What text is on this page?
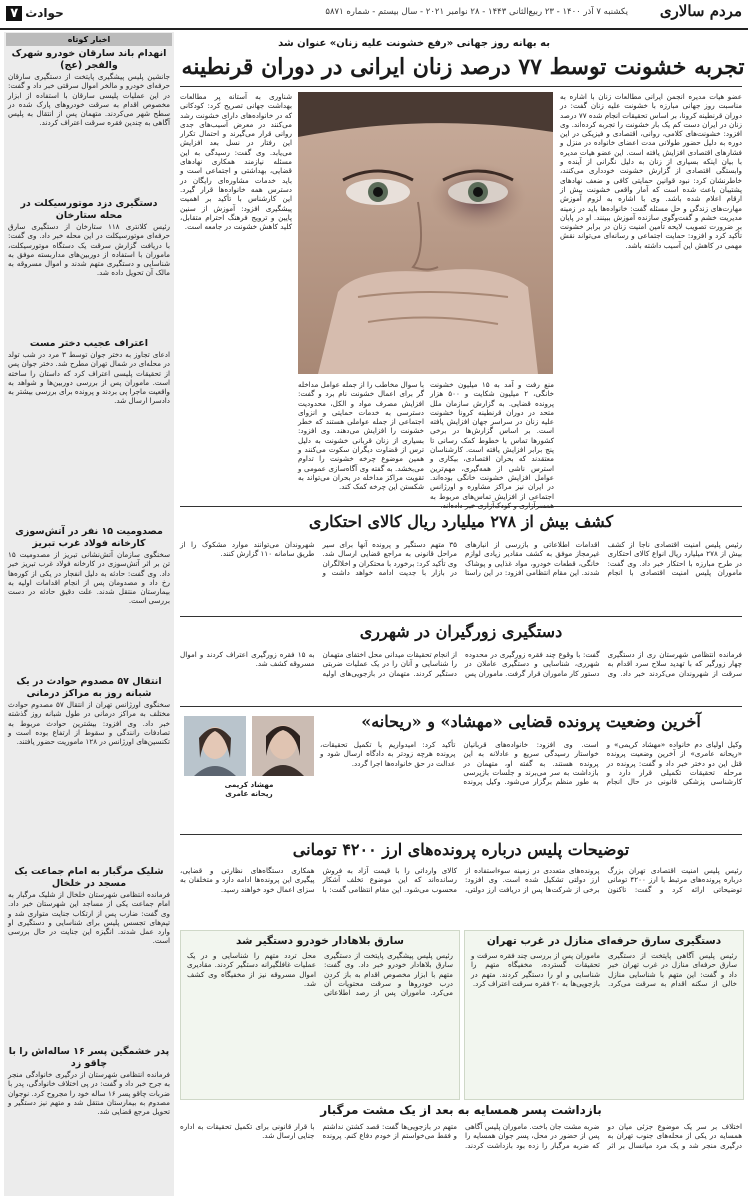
مردم سالاری
یکشنبه ۷ آذر ۱۴۰۰ - ۲۳ ربیع‌الثانی ۱۴۴۳ - ۲۸ نوامبر ۲۰۲۱ - سال بیستم - شماره ۵۸۷۱
حوادث
۷
به بهانه روز جهانی «رفع خشونت علیه زنان» عنوان شد
تجربه خشونت توسط ۷۷ درصد زنان ایرانی در دوران قرنطینه

عضو هیات مدیره انجمن ایرانی مطالعات زنان با اشاره به مناسبت روز جهانی مبارزه با خشونت علیه زنان گفت: در دوران قرنطینه کرونا، بر اساس تحقیقات انجام شده ۷۷ درصد زنان در ایران دست کم یک بار خشونت را تجربه کرده‌اند. وی افزود: خشونت‌های کلامی، روانی، اقتصادی و فیزیکی در این دوره به دلیل حضور طولانی مدت اعضای خانواده در منزل و فشارهای اقتصادی افزایش یافته است. این عضو هیات مدیره با بیان اینکه بسیاری از زنان به دلیل نگرانی از آینده و وابستگی اقتصادی از گزارش خشونت خودداری می‌کنند، خاطرنشان کرد: نبود قوانین حمایتی کافی و ضعف نهادهای پشتیبان باعث شده است که آمار واقعی خشونت بیش از ارقام اعلام شده باشد. وی با اشاره به لزوم آموزش مهارت‌های زندگی و حل مسئله گفت: خانواده‌ها باید در زمینه مدیریت خشم و گفت‌وگوی سازنده آموزش ببینند. او در پایان بر ضرورت تصویب لایحه تأمین امنیت زنان در برابر خشونت تأکید کرد و افزود: حمایت اجتماعی و رسانه‌ای می‌تواند نقش مهمی در کاهش این آسیب داشته باشد.

شناوری به آستانه پر مطالعات بهداشت جهانی تصریح کرد: کودکانی که در خانواده‌های دارای خشونت رشد می‌کنند در معرض آسیب‌های جدی روانی قرار می‌گیرند و احتمال تکرار این رفتار در نسل بعد افزایش می‌یابد. وی گفت: رسیدگی به این مسئله نیازمند همکاری نهادهای قضایی، بهداشتی و اجتماعی است و باید خدمات مشاوره‌ای رایگان در دسترس همه خانواده‌ها قرار گیرد. این کارشناس با تأکید بر اهمیت پیشگیری افزود: آموزش از سنین پایین و ترویج فرهنگ احترام متقابل، کلید کاهش خشونت در جامعه است.

منع رفت و آمد به ۱۵ میلیون خشونت خانگی، ۲ میلیون شکایت و ۵۰۰ هزار پرونده قضایی. به گزارش سازمان ملل متحد در دوران قرنطینه کرونا خشونت علیه زنان در سراسر جهان افزایش یافته است. بر اساس گزارش‌ها در برخی کشورها تماس با خطوط کمک رسانی تا پنج برابر افزایش یافته است. کارشناسان معتقدند که بحران اقتصادی، بیکاری و استرس ناشی از همه‌گیری، مهم‌ترین عوامل افزایش خشونت خانگی بوده‌اند. در ایران نیز مراکز مشاوره و اورژانس اجتماعی از افزایش تماس‌های مربوط به

با سوال مخاطب را از جمله عوامل مداخله گر برای اعمال خشونت نام برد و گفت: افزایش مصرف مواد و الکل، محدودیت دسترسی به خدمات حمایتی و انزوای اجتماعی از جمله عواملی هستند که خطر خشونت را افزایش می‌دهند. وی افزود: بسیاری از زنان قربانی خشونت به دلیل ترس از قضاوت دیگران سکوت می‌کنند و همین موضوع چرخه خشونت را تداوم می‌بخشد. به گفته وی آگاه‌سازی عمومی و تقویت مراکز مداخله در بحران می‌تواند به شکستن این چرخه کمک کند.

اخبار کوتاه
انهدام باند سارقان خودرو شهرک والفجر (عج)
جانشین پلیس پیشگیری پایتخت از دستگیری سارقان حرفه‌ای خودرو و مالخر اموال سرقتی خبر داد و گفت: در این عملیات پلیسی سارقان با استفاده از ابزار مخصوص اقدام به سرقت خودروهای پارک شده در سطح شهر می‌کردند. متهمان پس از انتقال به پلیس آگاهی به چندین فقره سرقت اعتراف کردند.
دستگیری دزد موتورسیکلت در محله ستارخان
رئیس کلانتری ۱۱۸ ستارخان از دستگیری سارق حرفه‌ای موتورسیکلت در این محله خبر داد. وی گفت: با دریافت گزارش سرقت یک دستگاه موتورسیکلت، ماموران با استفاده از دوربین‌های مداربسته موفق به شناسایی و دستگیری متهم شدند و اموال مسروقه به مالک آن تحویل داده شد.
اعتراف عجیب دختر مست
ادعای تجاوز به دختر جوان توسط ۳ مرد در شب تولد در محله‌ای در شمال تهران مطرح شد. دختر جوان پس از تحقیقات پلیسی اعتراف کرد که داستان را ساخته است. ماموران پس از بررسی دوربین‌ها و شواهد به واقعیت ماجرا پی بردند و پرونده برای بررسی بیشتر به دادسرا ارسال شد.
مصدومیت ۱۵ نفر در آتش‌سوزی کارخانه فولاد غرب تبریز
سخنگوی سازمان آتش‌نشانی تبریز از مصدومیت ۱۵ تن بر اثر آتش‌سوزی در کارخانه فولاد غرب تبریز خبر داد. وی گفت: حادثه به دلیل انفجار در یکی از کوره‌ها رخ داد و مصدومان پس از انجام اقدامات اولیه به بیمارستان منتقل شدند. علت دقیق حادثه در دست بررسی است.
انتقال ۵۷ مصدوم حوادث در یک شبانه روز به مراکز درمانی
سخنگوی اورژانس تهران از انتقال ۵۷ مصدوم حوادث مختلف به مراکز درمانی در طول شبانه روز گذشته خبر داد. وی افزود: بیشترین حوادث مربوط به تصادفات رانندگی و سقوط از ارتفاع بوده است و تکنسین‌های اورژانس در ۱۲۸ ماموریت حضور یافتند.
شلیک مرگبار به امام جماعت یک مسجد در خلخال
فرمانده انتظامی شهرستان خلخال از شلیک مرگبار به امام جماعت یکی از مساجد این شهرستان خبر داد. وی گفت: ضارب پس از ارتکاب جنایت متواری شد و تیم‌های تجسس پلیس برای شناسایی و دستگیری او وارد عمل شدند. انگیزه این جنایت در حال بررسی است.
پدر خشمگین پسر ۱۶ ساله‌اش را با چاقو زد
فرمانده انتظامی شهرستان از درگیری خانوادگی منجر به جرح خبر داد و گفت: در پی اختلاف خانوادگی، پدر با ضربات چاقو پسر ۱۶ ساله خود را مجروح کرد. نوجوان مصدوم به بیمارستان منتقل شد و متهم نیز دستگیر و تحویل مرجع قضایی شد.
کشف بیش از ۲۷۸ میلیارد ریال کالای احتکاری
رئیس پلیس امنیت اقتصادی ناجا از کشف بیش از ۲۷۸ میلیارد ریال انواع کالای احتکاری در طرح مبارزه با احتکار خبر داد. وی گفت: ماموران پلیس امنیت اقتصادی با انجام اقدامات اطلاعاتی و بازرسی از انبارهای غیرمجاز موفق به کشف مقادیر زیادی لوازم خانگی، قطعات خودرو، مواد غذایی و پوشاک شدند. این مقام انتظامی افزود: در این راستا ۳۵ متهم دستگیر و پرونده آنها برای سیر مراحل قانونی به مراجع قضایی ارسال شد. وی تأکید کرد: برخورد با محتکران و اخلالگران در بازار با جدیت ادامه خواهد داشت و شهروندان می‌توانند موارد مشکوک را از طریق سامانه ۱۱۰ گزارش کنند.
دستگیری زورگیران در شهرری
فرمانده انتظامی شهرستان ری از دستگیری چهار زورگیر که با تهدید سلاح سرد اقدام به سرقت از شهروندان می‌کردند خبر داد. وی گفت: با وقوع چند فقره زورگیری در محدوده شهرری، شناسایی و دستگیری عاملان در دستور کار ماموران قرار گرفت. ماموران پس از انجام تحقیقات میدانی محل اختفای متهمان را شناسایی و آنان را در یک عملیات ضربتی دستگیر کردند. متهمان در بازجویی‌های اولیه به ۱۵ فقره زورگیری اعتراف کردند و اموال مسروقه کشف شد.
آخرین وضعیت پرونده قضایی «مهشاد» و «ریحانه»
وکیل اولیای دم خانواده «مهشاد کریمی» و «ریحانه عامری» از آخرین وضعیت پرونده قتل این دو دختر خبر داد و گفت: پرونده در مرحله تحقیقات تکمیلی قرار دارد و کارشناسی پزشکی قانونی در حال انجام است. وی افزود: خانواده‌های قربانیان خواستار رسیدگی سریع و عادلانه به این پرونده هستند. به گفته او، متهمان در بازداشت به سر می‌برند و جلسات بازپرسی به طور منظم برگزار می‌شود. وکیل پرونده تأکید کرد: امیدواریم با تکمیل تحقیقات، پرونده هرچه زودتر به دادگاه ارسال شود و عدالت در حق خانواده‌ها اجرا گردد.
مهشاد کریمی
ریحانه عامری
توضیحات پلیس درباره پرونده‌های ارز ۴۲۰۰ تومانی
رئیس پلیس امنیت اقتصادی تهران بزرگ درباره پرونده‌های مرتبط با ارز ۴۲۰۰ تومانی توضیحاتی ارائه کرد و گفت: تاکنون پرونده‌های متعددی در زمینه سوءاستفاده از ارز دولتی تشکیل شده است. وی افزود: برخی از شرکت‌ها پس از دریافت ارز دولتی، کالای وارداتی را با قیمت آزاد به فروش رسانده‌اند که این موضوع تخلف آشکار محسوب می‌شود. این مقام انتظامی گفت: با همکاری دستگاه‌های نظارتی و قضایی، پیگیری این پرونده‌ها ادامه دارد و متخلفان به سزای اعمال خود خواهند رسید.
دستگیری سارق حرفه‌ای منازل در غرب تهران
رئیس پلیس آگاهی پایتخت از دستگیری سارق حرفه‌ای منازل در غرب تهران خبر داد و گفت: این متهم با شناسایی منازل خالی از سکنه اقدام به سرقت می‌کرد. ماموران پس از بررسی چند فقره سرقت و تحقیقات گسترده، مخفیگاه متهم را شناسایی و او را دستگیر کردند. متهم در بازجویی‌ها به ۲۰ فقره سرقت اعتراف کرد.
سارق بلاهادار خودرو دستگیر شد
رئیس پلیس پیشگیری پایتخت از دستگیری سارق بلاهادار خودرو خبر داد. وی گفت: متهم با ابزار مخصوص اقدام به باز کردن درب خودروها و سرقت محتویات آن می‌کرد. ماموران پس از رصد اطلاعاتی محل تردد متهم را شناسایی و در یک عملیات غافلگیرانه دستگیر کردند. مقادیری اموال مسروقه نیز از مخفیگاه وی کشف شد.
بازداشت پسر همسایه به بعد از یک مشت مرگبار
اختلاف بر سر یک موضوع جزئی میان دو همسایه در یکی از محله‌های جنوب تهران به درگیری منجر شد و یک مرد میانسال بر اثر ضربه مشت جان باخت. ماموران پلیس آگاهی پس از حضور در محل، پسر جوان همسایه را که ضربه مرگبار را زده بود بازداشت کردند. متهم در بازجویی‌ها گفت: قصد کشتن نداشتم و فقط می‌خواستم از خودم دفاع کنم. پرونده با قرار قانونی برای تکمیل تحقیقات به اداره جنایی ارسال شد.
